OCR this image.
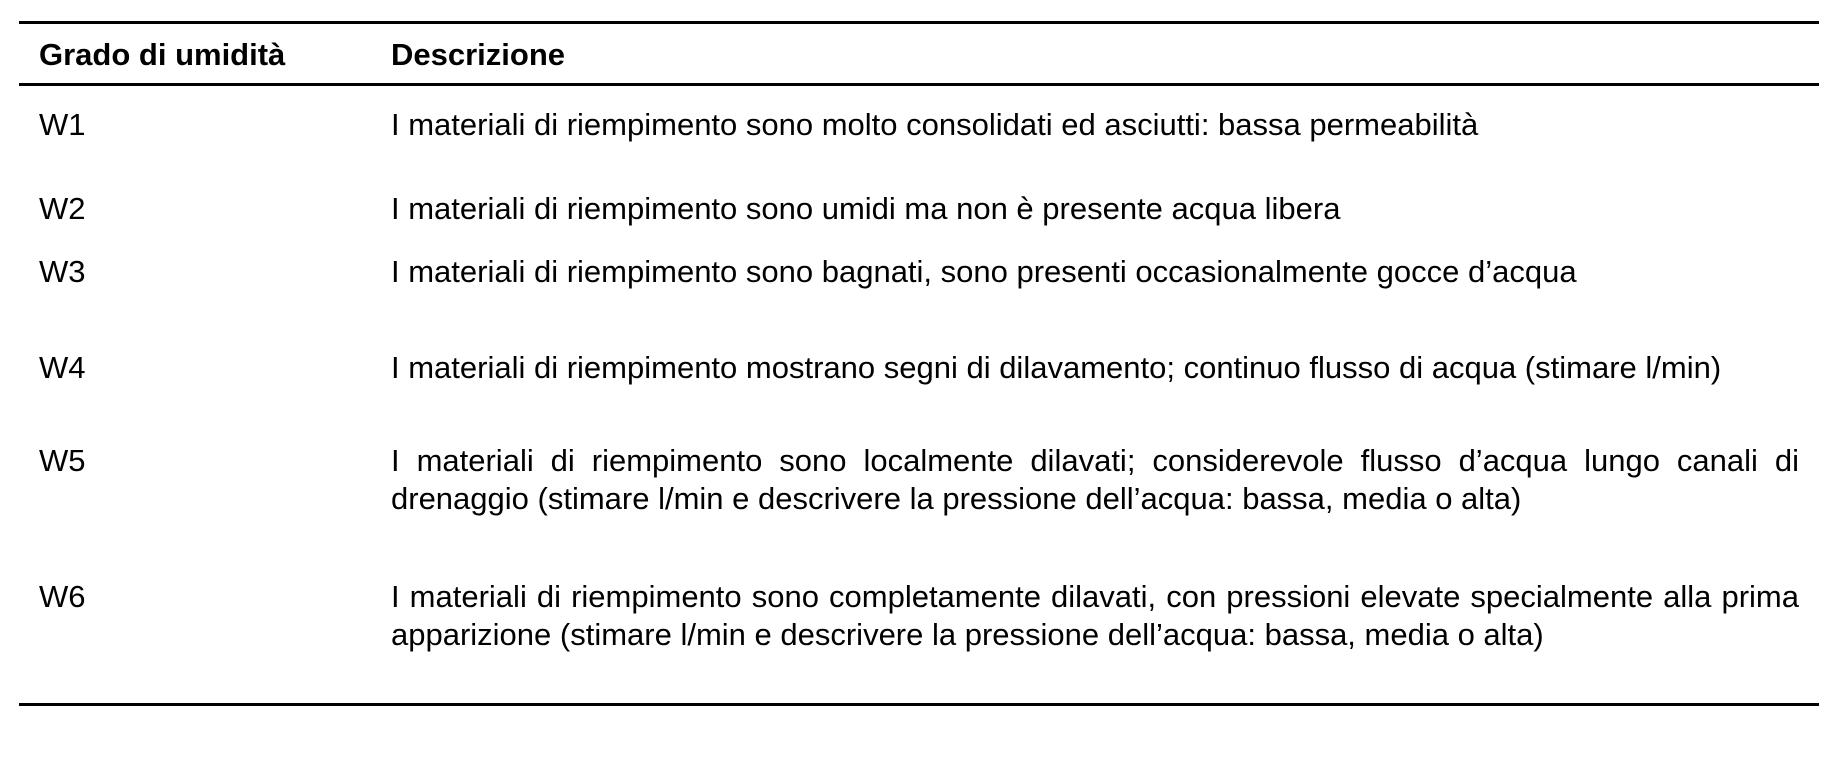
Grado di umidità	Descrizione
W1	I materiali di riempimento sono molto consolidati ed asciutti: bassa permeabilità
W2	I materiali di riempimento sono umidi ma non è presente acqua libera
W3	I materiali di riempimento sono bagnati, sono presenti occasionalmente gocce d’acqua
W4	I materiali di riempimento mostrano segni di dilavamento; continuo flusso di acqua (stimare l/min)
W5	I materiali di riempimento sono localmente dilavati; considerevole flusso d’acqua lungo canali di drenaggio (stimare l/min e descrivere la pressione dell’acqua: bassa, media o alta)
W6	I materiali di riempimento sono completamente dilavati, con pressioni elevate specialmente alla prima apparizione (stimare l/min e descrivere la pressione dell’acqua: bassa, media o alta)
